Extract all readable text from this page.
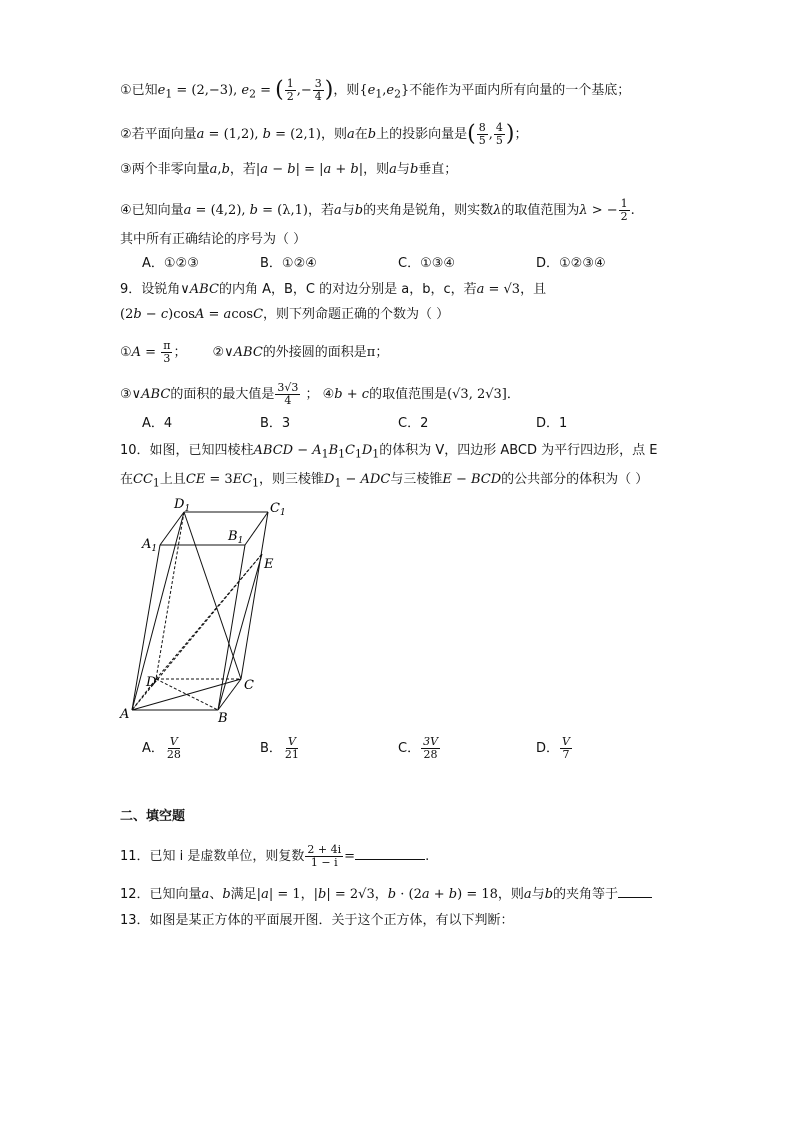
①已知$e_1 = (2,-3)$, $e_2$ = ( $\frac{1}{2}$ ,− $\frac{3}{4}$ )，则$\{e_1,e_2\}$不能作为平面内所有向量的一个基底；
②若平面向量a = (1,2), b = (2,1)，则a在b上的投影向量是( $\frac{8}{5}$ , $\frac{4}{5}$ )；
③两个非零向量a,b，若|a − b| = |a + b|，则a与b垂直；
④已知向量a = (4,2), b = (λ,1)，若a与b的夹角是锐角，则实数λ的取值范围为λ > − $\frac{1}{2}$ .
其中所有正确结论的序号为（ ）
A．①②③	B．①②④	C．①③④	D．①②③④
9．设锐角∨ABC的内角 A，B，C 的对边分别是 a，b，c，若a = √3，且
(2b − c)cosA = acosC，则下列命题正确的个数为（ ）
①A = $\frac{\pi}{3}$ ； ②∨ABC的外接圆的面积是π；
③∨ABC的面积的最大值是 $\frac{3√3}{4}$ ； ④b + c的取值范围是(√3, 2√3]．
A．4	B．3	C．2	D．1
10．如图，已知四棱柱ABCD − $A_1B_1C_1D_1$的体积为 V，四边形 ABCD 为平行四边形，点 E
在$CC_1$上且CE = $3EC_1$，则三棱锥$D_1$ − ADC与三棱锥E − BCD的公共部分的体积为（ ）
$D_1$	$C_1$
$A_1$
$B_1$
E
D	C
A	B
A． $\frac{V}{28}$	B． $\frac{V}{21}$	C． $\frac{3V}{28}$	D． $\frac{V}{7}$
二、填空题
11．已知 i 是虚数单位，则复数 $\frac{2 + 4i}{1 - i}$ =	.
12．已知向量a、b满足|a| = 1，|b| = 2√3，b · (2a + b) = 18，则a与b的夹角等于
13．如图是某正方体的平面展开图．关于这个正方体，有以下判断：
